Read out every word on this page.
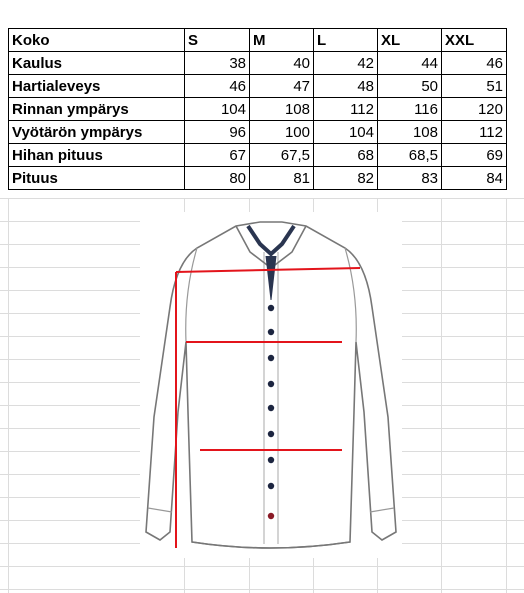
Koko	S	M	L	XL	XXL
Kaulus	38	40	42	44	46
Hartialeveys	46	47	48	50	51
Rinnan ympärys	104	108	112	116	120
Vyötärön ympärys	96	100	104	108	112
Hihan pituus	67	67,5	68	68,5	69
Pituus	80	81	82	83	84
